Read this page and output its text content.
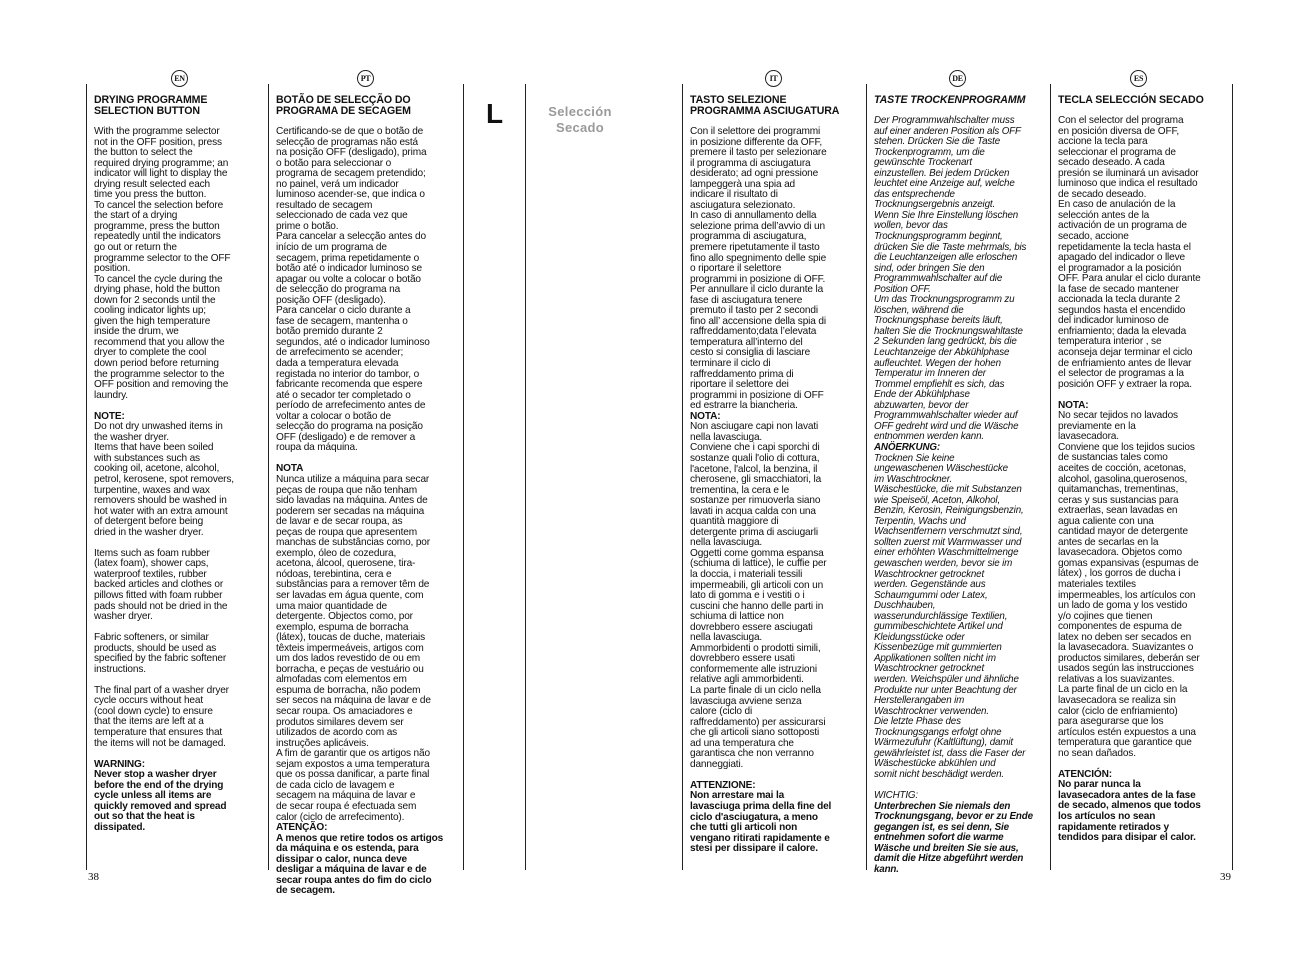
EN	PT	IT	DE	ES
L	Selección
Secado
DRYING PROGRAMME
SELECTION BUTTON
With the programme selector
not in the OFF position, press
the button to select the
required drying programme; an
indicator will light to display the
drying result selected each
time you press the button.
To cancel the selection before
the start of a drying
programme, press the button
repeatedly until the indicators
go out or return the
programme selector to the OFF
position.
To cancel the cycle during the
drying phase, hold the button
down for 2 seconds until the
cooling indicator lights up;
given the high temperature
inside the drum, we
recommend that you allow the
dryer to complete the cool
down period before returning
the programme selector to the
OFF position and removing the
laundry.
NOTE:
Do not dry unwashed items in
the washer dryer.
Items that have been soiled
with substances such as
cooking oil, acetone, alcohol,
petrol, kerosene, spot removers,
turpentine, waxes and wax
removers should be washed in
hot water with an extra amount
of detergent before being
dried in the washer dryer.
Items such as foam rubber
(latex foam), shower caps,
waterproof textiles, rubber
backed articles and clothes or
pillows fitted with foam rubber
pads should not be dried in the
washer dryer.
Fabric softeners, or similar
products, should be used as
specified by the fabric softener
instructions.
The final part of a washer dryer
cycle occurs without heat
(cool down cycle) to ensure
that the items are left at a
temperature that ensures that
the items will not be damaged.
WARNING:
Never stop a washer dryer
before the end of the drying
cycle unless all items are
quickly removed and spread
out so that the heat is
dissipated.
BOTÃO DE SELECÇÃO DO
PROGRAMA DE SECAGEM
Certificando-se de que o botão de
selecção de programas não está
na posição OFF (desligado), prima
o botão para seleccionar o
programa de secagem pretendido;
no painel, verá um indicador
luminoso acender-se, que indica o
resultado de secagem
seleccionado de cada vez que
prime o botão.
Para cancelar a selecção antes do
início de um programa de
secagem, prima repetidamente o
botão até o indicador luminoso se
apagar ou volte a colocar o botão
de selecção do programa na
posição OFF (desligado).
Para cancelar o ciclo durante a
fase de secagem, mantenha o
botão premido durante 2
segundos, até o indicador luminoso
de arrefecimento se acender;
dada a temperatura elevada
registada no interior do tambor, o
fabricante recomenda que espere
até o secador ter completado o
período de arrefecimento antes de
voltar a colocar o botão de
selecção do programa na posição
OFF (desligado) e de remover a
roupa da máquina.
NOTA
Nunca utilize a máquina para secar
peças de roupa que não tenham
sido lavadas na máquina. Antes de
poderem ser secadas na máquina
de lavar e de secar roupa, as
peças de roupa que apresentem
manchas de substâncias como, por
exemplo, óleo de cozedura,
acetona, álcool, querosene, tira-
nódoas, terebintina, cera e
substâncias para a remover têm de
ser lavadas em água quente, com
uma maior quantidade de
detergente. Objectos como, por
exemplo, espuma de borracha
(látex), toucas de duche, materiais
têxteis impermeáveis, artigos com
um dos lados revestido de ou em
borracha, e peças de vestuário ou
almofadas com elementos em
espuma de borracha, não podem
ser secos na máquina de lavar e de
secar roupa. Os amaciadores e
produtos similares devem ser
utilizados de acordo com as
instruções aplicáveis.
A fim de garantir que os artigos não
sejam expostos a uma temperatura
que os possa danificar, a parte final
de cada ciclo de lavagem e
secagem na máquina de lavar e
de secar roupa é efectuada sem
calor (ciclo de arrefecimento).
ATENÇÃO:
A menos que retire todos os artigos
da máquina e os estenda, para
dissipar o calor, nunca deve
desligar a máquina de lavar e de
secar roupa antes do fim do ciclo
de secagem.
TASTO SELEZIONE
PROGRAMMA ASCIUGATURA
Con il selettore dei programmi
in posizione differente da OFF,
premere il tasto per selezionare
il programma di asciugatura
desiderato; ad ogni pressione
lampeggerà una spia ad
indicare il risultato di
asciugatura selezionato.
In caso di annullamento della
selezione prima dell’avvio di un
programma di asciugatura,
premere ripetutamente il tasto
fino allo spegnimento delle spie
o riportare il selettore
programmi in posizione di OFF.
Per annullare il ciclo durante la
fase di asciugatura tenere
premuto il tasto per 2 secondi
fino all’ accensione della spia di
raffreddamento;data l’elevata
temperatura all’interno del
cesto si consiglia di lasciare
terminare il ciclo di
raffreddamento prima di
riportare il selettore dei
programmi in posizione di OFF
ed estrarre la biancheria.
NOTA:
Non asciugare capi non lavati
nella lavasciuga.
Conviene che i capi sporchi di
sostanze quali l'olio di cottura,
l'acetone, l'alcol, la benzina, il
cherosene, gli smacchiatori, la
trementina, la cera e le
sostanze per rimuoverla siano
lavati in acqua calda con una
quantità maggiore di
detergente prima di asciugarli
nella lavasciuga.
Oggetti come gomma espansa
(schiuma di lattice), le cuffie per
la doccia, i materiali tessili
impermeabili, gli articoli con un
lato di gomma e i vestiti o i
cuscini che hanno delle parti in
schiuma di lattice non
dovrebbero essere asciugati
nella lavasciuga.
Ammorbidenti o prodotti simili,
dovrebbero essere usati
conformemente alle istruzioni
relative agli ammorbidenti.
La parte finale di un ciclo nella
lavasciuga avviene senza
calore (ciclo di
raffreddamento) per assicurarsi
che gli articoli siano sottoposti
ad una temperatura che
garantisca che non verranno
danneggiati.
ATTENZIONE:
Non arrestare mai la
lavasciuga prima della fine del
ciclo d'asciugatura, a meno
che tutti gli articoli non
vengano ritirati rapidamente e
stesi per dissipare il calore.
TASTE TROCKENPROGRAMM
Der Programmwahlschalter muss
auf einer anderen Position als OFF
stehen. Drücken Sie die Taste
Trockenprogramm, um die
gewünschte Trockenart
einzustellen. Bei jedem Drücken
leuchtet eine Anzeige auf, welche
das entsprechende
Trocknungsergebnis anzeigt.
Wenn Sie Ihre Einstellung löschen
wollen, bevor das
Trocknungsprogramm beginnt,
drücken Sie die Taste mehrmals, bis
die Leuchtanzeigen alle erloschen
sind, oder bringen Sie den
Programmwahlschalter auf die
Position OFF.
Um das Trocknungsprogramm zu
löschen, während die
Trocknungsphase bereits läuft,
halten Sie die Trocknungswahltaste
2 Sekunden lang gedrückt, bis die
Leuchtanzeige der Abkühlphase
aufleuchtet. Wegen der hohen
Temperatur im Inneren der
Trommel empfiehlt es sich, das
Ende der Abkühlphase
abzuwarten, bevor der
Programmwahlschalter wieder auf
OFF gedreht wird und die Wäsche
entnommen werden kann.
ANÖERKUNG:
Trocknen Sie keine
ungewaschenen Wäschestücke
im Waschtrockner.
Wäschestücke, die mit Substanzen
wie Speiseöl, Aceton, Alkohol,
Benzin, Kerosin, Reinigungsbenzin,
Terpentin, Wachs und
Wachsentfernern verschmutzt sind,
sollten zuerst mit Warmwasser und
einer erhöhten Waschmittelmenge
gewaschen werden, bevor sie im
Waschtrockner getrocknet
werden. Gegenstände aus
Schaumgummi oder Latex,
Duschhauben,
wasserundurchlässige Textilien,
gummibeschichtete Artikel und
Kleidungsstücke oder
Kissenbezüge mit gummierten
Applikationen sollten nicht im
Waschtrockner getrocknet
werden. Weichspüler und ähnliche
Produkte nur unter Beachtung der
Herstellerangaben im
Waschtrockner verwenden.
Die letzte Phase des
Trocknungsgangs erfolgt ohne
Wärmezufuhr (Kaltlüftung), damit
gewährleistet ist, dass die Faser der
Wäschestücke abkühlen und
somit nicht beschädigt werden.
WICHTIG:
Unterbrechen Sie niemals den
Trocknungsgang, bevor er zu Ende
gegangen ist, es sei denn, Sie
entnehmen sofort die warme
Wäsche und breiten Sie sie aus,
damit die Hitze abgeführt werden
kann.
TECLA SELECCIÓN SECADO
Con el selector del programa
en posición diversa de OFF,
accione la tecla para
seleccionar el programa de
secado deseado. A cada
presión se iluminará un avisador
luminoso que indica el resultado
de secado deseado.
En caso de anulación de la
selección antes de la
activación de un programa de
secado, accione
repetidamente la tecla hasta el
apagado del indicador o lleve
el programador a la posición
OFF. Para anular el ciclo durante
la fase de secado mantener
accionada la tecla durante 2
segundos hasta el encendido
del indicador luminoso de
enfriamiento; dada la elevada
temperatura interior , se
aconseja dejar terminar el ciclo
de enfriamiento antes de llevar
el selector de programas a la
posición OFF y extraer la ropa.
NOTA:
No secar tejidos no lavados
previamente en la
lavasecadora.
Conviene que los tejidos sucios
de sustancias tales como
aceites de cocción, acetonas,
alcohol, gasolina,querosenos,
quitamanchas, trementinas,
ceras y sus sustancias para
extraerlas, sean lavadas en
agua caliente con una
cantidad mayor de detergente
antes de secarlas en la
lavasecadora. Objetos como
gomas expansivas (espumas de
látex) , los gorros de ducha i
materiales textiles
impermeables, los artículos con
un lado de goma y los vestido
y/o cojines que tienen
componentes de espuma de
latex no deben ser secados en
la lavasecadora. Suavizantes o
productos similares, deberán ser
usados según las instrucciones
relativas a los suavizantes.
La parte final de un ciclo en la
lavasecadora se realiza sin
calor (ciclo de enfriamiento)
para asegurarse que los
artículos estén expuestos a una
temperatura que garantice que
no sean dañados.
ATENCIÓN:
No parar nunca la
lavasecadora antes de la fase
de secado, almenos que todos
los artículos no sean
rapidamente retirados y
tendidos para disipar el calor.
38	39
